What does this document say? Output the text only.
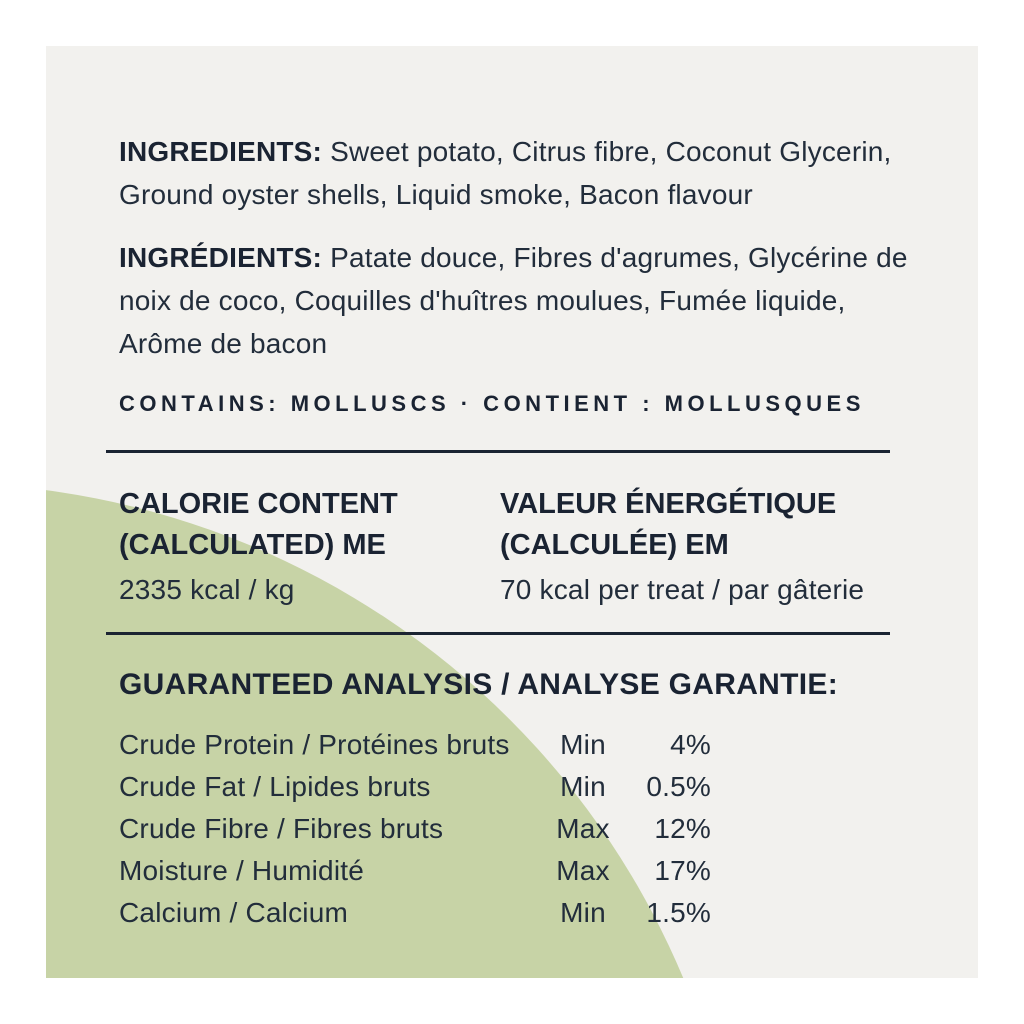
INGREDIENTS: Sweet potato, Citrus fibre, Coconut Glycerin, Ground oyster shells, Liquid smoke, Bacon flavour

INGRÉDIENTS: Patate douce, Fibres d'agrumes, Glycérine de noix de coco, Coquilles d'huîtres moulues, Fumée liquide, Arôme de bacon

CONTAINS: MOLLUSCS · CONTIENT : MOLLUSQUES

CALORIE CONTENT
(CALCULATED) ME

2335 kcal / kg

VALEUR ÉNERGÉTIQUE
(CALCULÉE) EM

70 kcal per treat / par gâterie

GUARANTEED ANALYSIS / ANALYSE GARANTIE:

Crude Protein / Protéines bruts	Min	4%
Crude Fat / Lipides bruts	Min	0.5%
Crude Fibre / Fibres bruts	Max	12%
Moisture / Humidité	Max	17%
Calcium / Calcium	Min	1.5%
